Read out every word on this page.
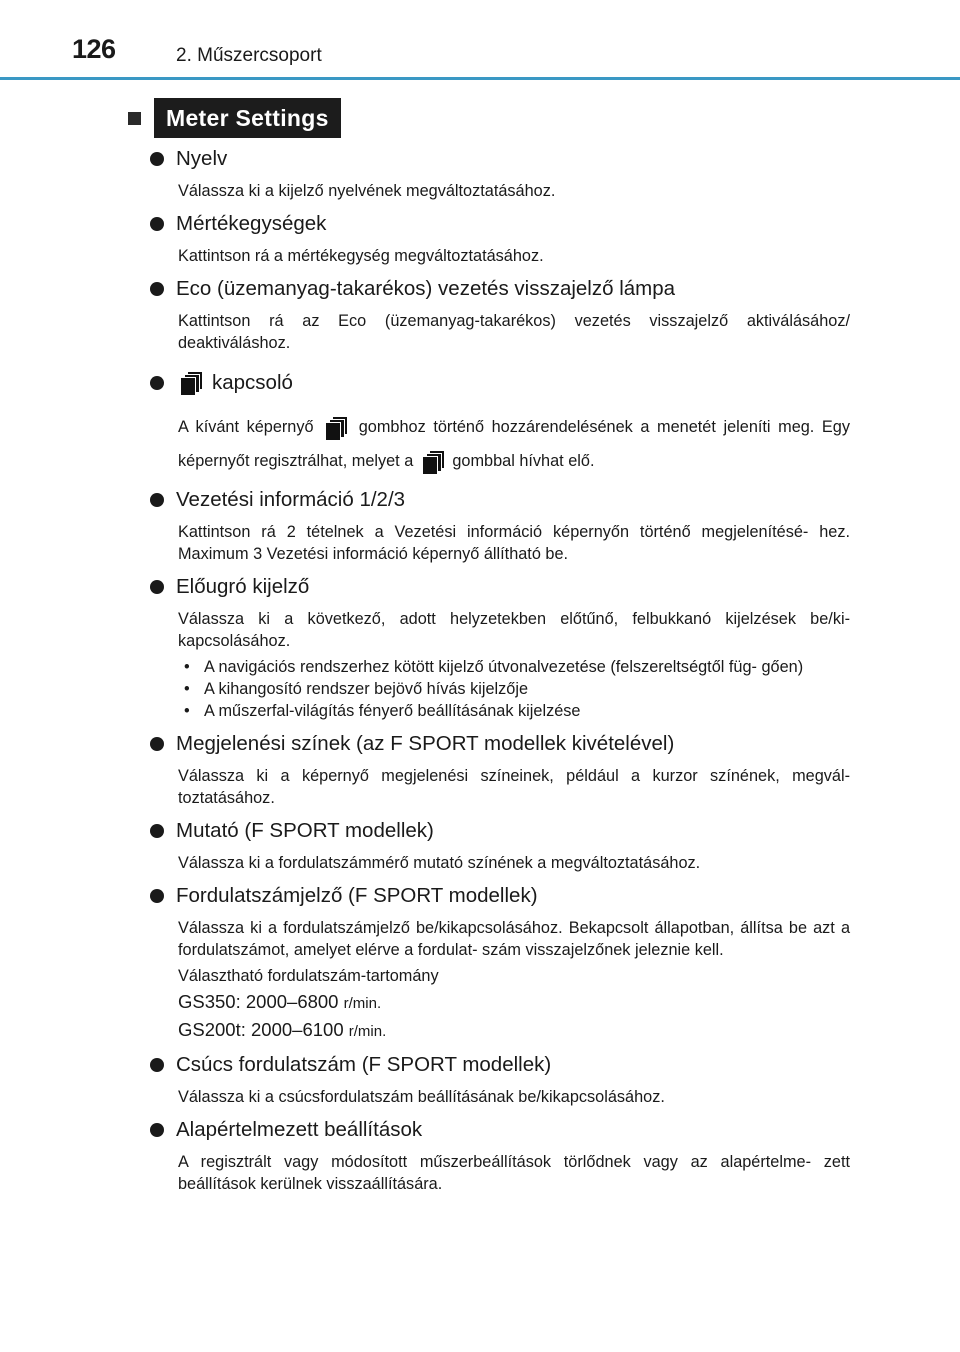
126	2. Műszercsoport
Meter Settings
Nyelv

Válassza ki a kijelző nyelvének megváltoztatásához.

Mértékegységek

Kattintson rá a mértékegység megváltoztatásához.

Eco (üzemanyag-takarékos) vezetés visszajelző lámpa

Kattintson rá az Eco (üzemanyag-takarékos) vezetés visszajelző aktiválásához/ deaktiváláshoz.

kapcsoló

A kívánt képernyő	gombhoz történő hozzárendelésének a menetét jeleníti meg. Egy képernyőt regisztrálhat, melyet a gombbal hívhat elő.

Vezetési információ 1/2/3

Kattintson rá 2 tételnek a Vezetési információ képernyőn történő megjelenítésé- hez. Maximum 3 Vezetési információ képernyő állítható be.

Előugró kijelző

Válassza ki a következő, adott helyzetekben előtűnő, felbukkanó kijelzések be/ki- kapcsolásához.

• A navigációs rendszerhez kötött kijelző útvonalvezetése (felszereltségtől füg- gően)
• A kihangosító rendszer bejövő hívás kijelzője
• A műszerfal-világítás fényerő beállításának kijelzése
Megjelenési színek (az F SPORT modellek kivételével)

Válassza ki a képernyő megjelenési színeinek, például a kurzor színének, megvál- toztatásához.

Mutató (F SPORT modellek)

Válassza ki a fordulatszámmérő mutató színének a megváltoztatásához.

Fordulatszámjelző (F SPORT modellek)

Válassza ki a fordulatszámjelző be/kikapcsolásához. Bekapcsolt állapotban, állítsa be azt a fordulatszámot, amelyet elérve a fordulat- szám visszajelzőnek jeleznie kell.

Választható fordulatszám-tartomány

GS350: 2000–6800 r/min.

GS200t: 2000–6100 r/min.

Csúcs fordulatszám (F SPORT modellek)

Válassza ki a csúcsfordulatszám beállításának be/kikapcsolásához.

Alapértelmezett beállítások

A regisztrált vagy módosított műszerbeállítások törlődnek vagy az alapértelme- zett beállítások kerülnek visszaállítására.
